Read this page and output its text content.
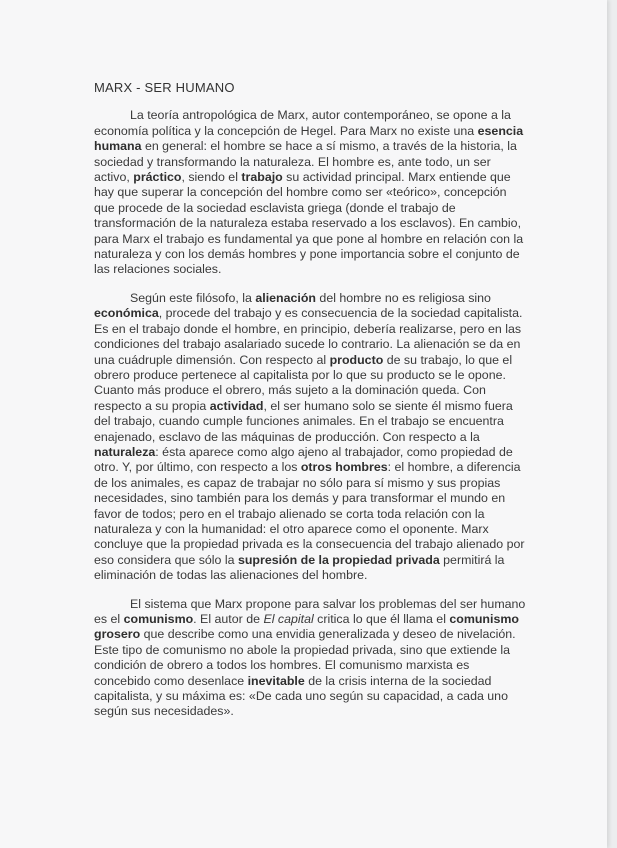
MARX - SER HUMANO

La teoría antropológica de Marx, autor contemporáneo, se opone a la economía política y la concepción de Hegel. Para Marx no existe una esencia humana en general: el hombre se hace a sí mismo, a través de la historia, la sociedad y transformando la naturaleza. El hombre es, ante todo, un ser activo, práctico, siendo el trabajo su actividad principal. Marx entiende que hay que superar la concepción del hombre como ser «teórico», concepción que procede de la sociedad esclavista griega (donde el trabajo de transformación de la naturaleza estaba reservado a los esclavos). En cambio, para Marx el trabajo es fundamental ya que pone al hombre en relación con la naturaleza y con los demás hombres y pone importancia sobre el conjunto de las relaciones sociales.

Según este filósofo, la alienación del hombre no es religiosa sino económica, procede del trabajo y es consecuencia de la sociedad capitalista. Es en el trabajo donde el hombre, en principio, debería realizarse, pero en las condiciones del trabajo asalariado sucede lo contrario. La alienación se da en una cuádruple dimensión. Con respecto al producto de su trabajo, lo que el obrero produce pertenece al capitalista por lo que su producto se le opone. Cuanto más produce el obrero, más sujeto a la dominación queda. Con respecto a su propia actividad, el ser humano solo se siente él mismo fuera del trabajo, cuando cumple funciones animales. En el trabajo se encuentra enajenado, esclavo de las máquinas de producción. Con respecto a la naturaleza: ésta aparece como algo ajeno al trabajador, como propiedad de otro. Y, por último, con respecto a los otros hombres: el hombre, a diferencia de los animales, es capaz de trabajar no sólo para sí mismo y sus propias necesidades, sino también para los demás y para transformar el mundo en favor de todos; pero en el trabajo alienado se corta toda relación con la naturaleza y con la humanidad: el otro aparece como el oponente. Marx concluye que la propiedad privada es la consecuencia del trabajo alienado por eso considera que sólo la supresión de la propiedad privada permitirá la eliminación de todas las alienaciones del hombre.

El sistema que Marx propone para salvar los problemas del ser humano es el comunismo. El autor de El capital critica lo que él llama el comunismo grosero que describe como una envidia generalizada y deseo de nivelación. Este tipo de comunismo no abole la propiedad privada, sino que extiende la condición de obrero a todos los hombres. El comunismo marxista es concebido como desenlace inevitable de la crisis interna de la sociedad capitalista, y su máxima es: «De cada uno según su capacidad, a cada uno según sus necesidades».
